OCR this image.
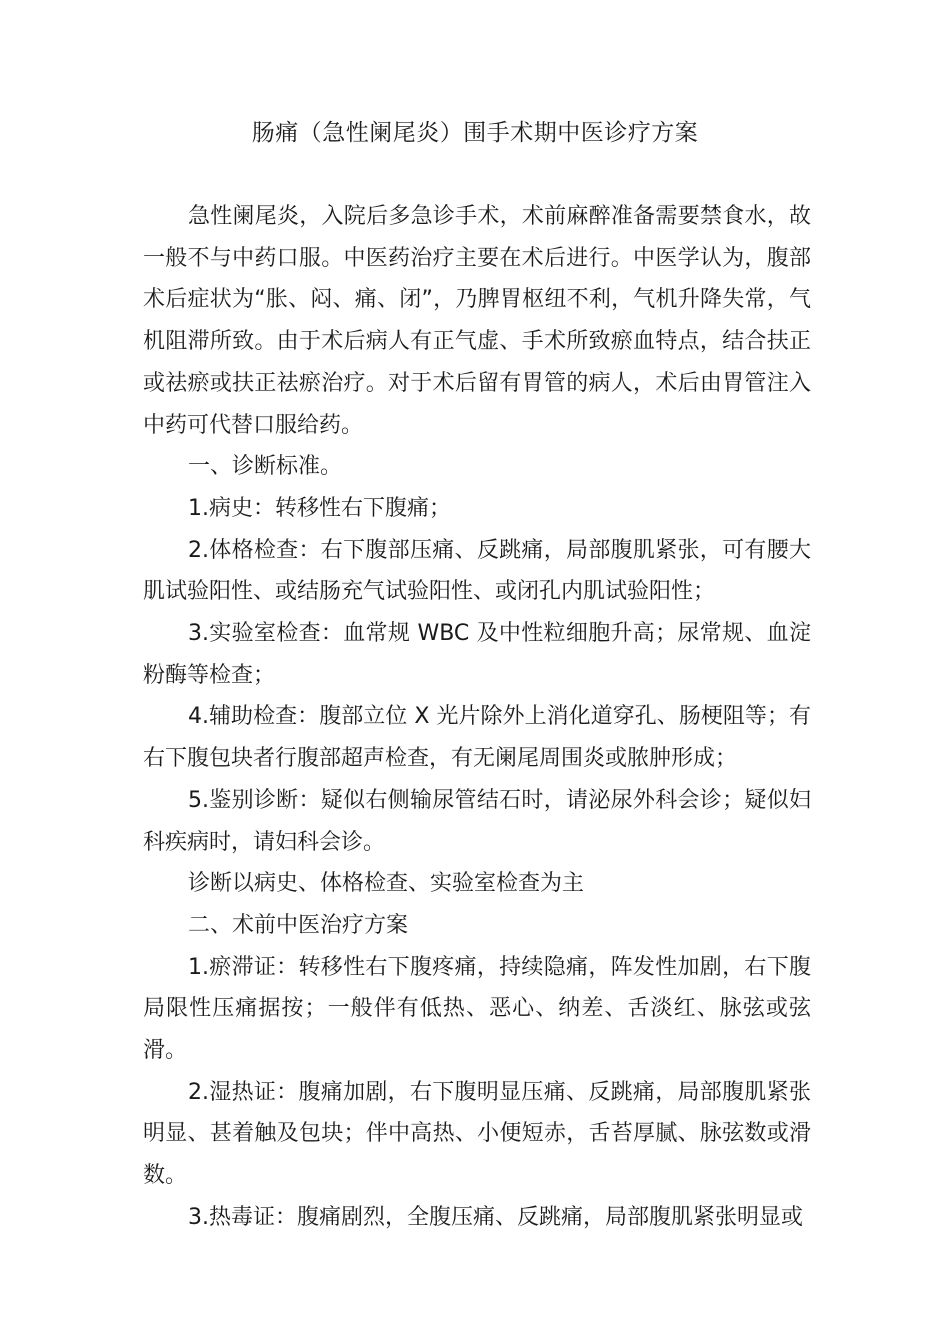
肠痛（急性阑尾炎）围手术期中医诊疗方案

急性阑尾炎，入院后多急诊手术，术前麻醉准备需要禁食水，故一般不与中药口服。中医药治疗主要在术后进行。中医学认为，腹部术后症状为“胀、闷、痛、闭”，乃脾胃枢纽不利，气机升降失常，气机阻滞所致。由于术后病人有正气虚、手术所致瘀血特点，结合扶正或祛瘀或扶正祛瘀治疗。对于术后留有胃管的病人，术后由胃管注入中药可代替口服给药。

一、诊断标准。

1.病史：转移性右下腹痛；

2.体格检查：右下腹部压痛、反跳痛，局部腹肌紧张，可有腰大肌试验阳性、或结肠充气试验阳性、或闭孔内肌试验阳性；

3.实验室检查：血常规 WBC 及中性粒细胞升高；尿常规、血淀粉酶等检查；

4.辅助检查：腹部立位 X 光片除外上消化道穿孔、肠梗阻等；有右下腹包块者行腹部超声检查，有无阑尾周围炎或脓肿形成；

5.鉴别诊断：疑似右侧输尿管结石时，请泌尿外科会诊；疑似妇科疾病时，请妇科会诊。

诊断以病史、体格检查、实验室检查为主

二、术前中医治疗方案

1.瘀滞证：转移性右下腹疼痛，持续隐痛，阵发性加剧，右下腹局限性压痛据按；一般伴有低热、恶心、纳差、舌淡红、脉弦或弦滑。

2.湿热证：腹痛加剧，右下腹明显压痛、反跳痛，局部腹肌紧张明显、甚着触及包块；伴中高热、小便短赤，舌苔厚腻、脉弦数或滑数。

3.热毒证：腹痛剧烈，全腹压痛、反跳痛，局部腹肌紧张明显或
